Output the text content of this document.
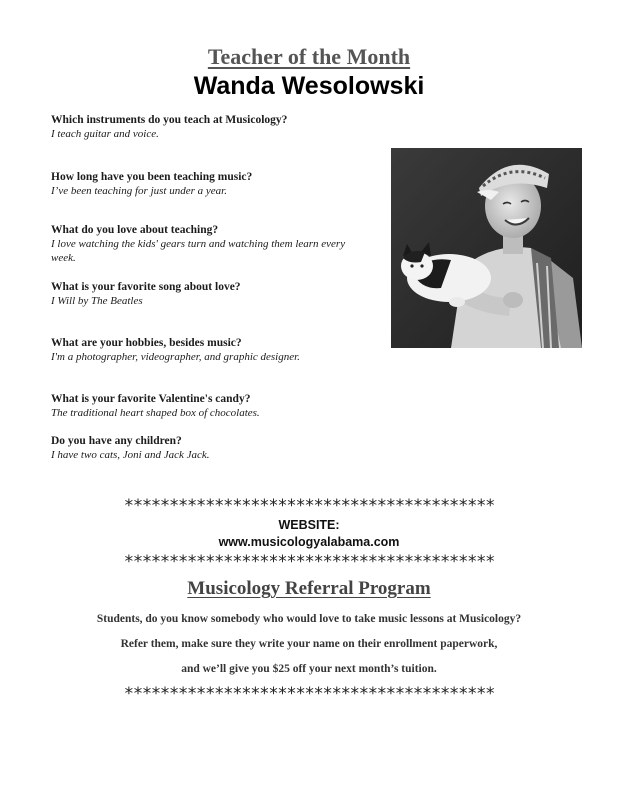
Teacher of the Month
Wanda Wesolowski
Which instruments do you teach at Musicology?
I teach guitar and voice.
How long have you been teaching music?
I’ve been teaching for just under a year.
What do you love about teaching?
I love watching the kids' gears turn and watching them learn every week.
What is your favorite song about love?
I Will by The Beatles
What are your hobbies, besides music?
I'm a photographer, videographer, and graphic designer.
What is your favorite Valentine's candy?
The traditional heart shaped box of chocolates.
Do you have any children?
I have two cats, Joni and Jack Jack.
*****************************************
WEBSITE:
www.musicologyalabama.com
*****************************************
Musicology Referral Program
Students, do you know somebody who would love to take music lessons at Musicology?
Refer them, make sure they write your name on their enrollment paperwork,
and we’ll give you $25 off your next month’s tuition.
*****************************************
